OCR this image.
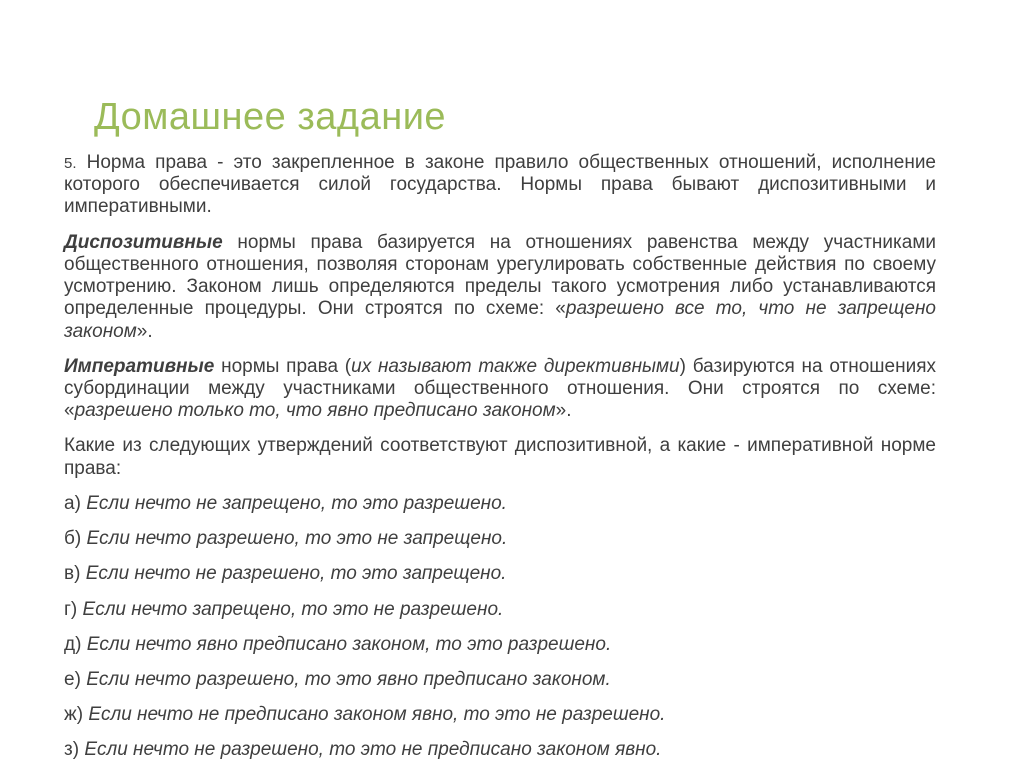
Домашнее задание

5. Норма права - это закрепленное в законе правило общественных отношений, исполнение которого обеспечивается силой государства. Нормы права бывают диспозитивными и императивными.

Диспозитивные нормы права базируется на отношениях равенства между участниками общественного отношения, позволяя сторонам урегулировать собственные действия по своему усмотрению. Законом лишь определяются пределы такого усмотрения либо устанавливаются определенные процедуры. Они строятся по схеме: «разрешено все то, что не запрещено законом».

Императивные нормы права (их называют также директивными) базируются на отношениях субординации между участниками общественного отношения. Они строятся по схеме: «разрешено только то, что явно предписано законом».

Какие из следующих утверждений соответствуют диспозитивной, а какие - императивной норме права:

а) Если нечто не запрещено, то это разрешено.

б) Если нечто разрешено, то это не запрещено.

в) Если нечто не разрешено, то это запрещено.

г) Если нечто запрещено, то это не разрешено.

д) Если нечто явно предписано законом, то это разрешено.

е) Если нечто разрешено, то это явно предписано законом.

ж) Если нечто не предписано законом явно, то это не разрешено.

з) Если нечто не разрешено, то это не предписано законом явно.
